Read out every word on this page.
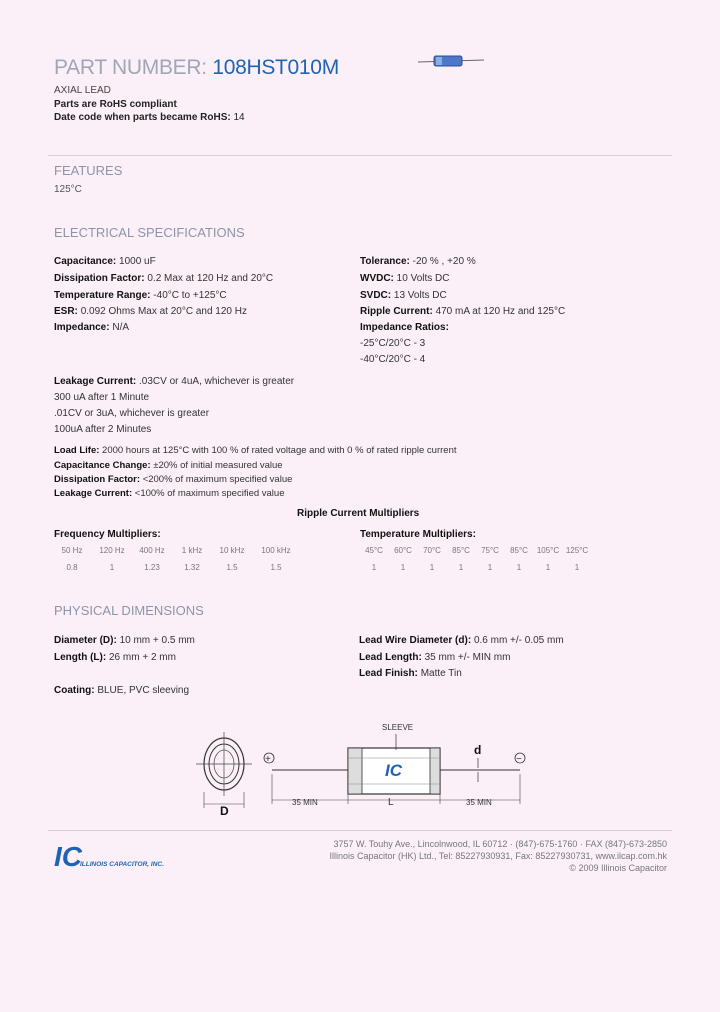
PART NUMBER: 108HST010M
AXIAL LEAD
Parts are RoHS compliant
Date code when parts became RoHS: 14
FEATURES
125°C
ELECTRICAL SPECIFICATIONS
Capacitance: 1000 uF
Dissipation Factor: 0.2 Max at 120 Hz and 20°C
Temperature Range: -40°C to +125°C
ESR: 0.092 Ohms Max at 20°C and 120 Hz
Impedance: N/A
Tolerance: -20 % , +20 %
WVDC: 10 Volts DC
SVDC: 13 Volts DC
Ripple Current: 470 mA at 120 Hz and 125°C
Impedance Ratios:
-25°C/20°C - 3
-40°C/20°C - 4
Leakage Current: .03CV or 4uA, whichever is greater
300 uA after 1 Minute
.01CV or 3uA, whichever is greater
100uA after 2 Minutes
Load Life: 2000 hours at 125°C with 100 % of rated voltage and with 0 % of rated ripple current
Capacitance Change: ±20% of initial measured value
Dissipation Factor: <200% of maximum specified value
Leakage Current: <100% of maximum specified value
Ripple Current Multipliers
Frequency Multipliers:	Temperature Multipliers:
50 Hz	120 Hz	400 Hz	1 kHz	10 kHz	100 kHz
0.8	1	1.23	1.32	1.5	1.5
45°C	60°C	70°C	85°C	75°C	85°C	105°C 125°C
1	1	1	1	1	1	1	1
PHYSICAL DIMENSIONS
Diameter (D): 10 mm + 0.5 mm
Length (L): 26 mm + 2 mm
Lead Wire Diameter (d): 0.6 mm +/- 0.05 mm
Lead Length: 35 mm +/- MIN mm
Lead Finish: Matte Tin
Coating: BLUE, PVC sleeving
D
+
IC
SLEEVE
d
−
35 MIN	L	35 MIN
IC
ILLINOIS CAPACITOR, INC.
3757 W. Touhy Ave., Lincolnwood, IL 60712 · (847)-675-1760 · FAX (847)-673-2850
Illinois Capacitor (HK) Ltd., Tel: 85227930931, Fax: 85227930731, www.ilcap.com.hk
© 2009 Illinois Capacitor
